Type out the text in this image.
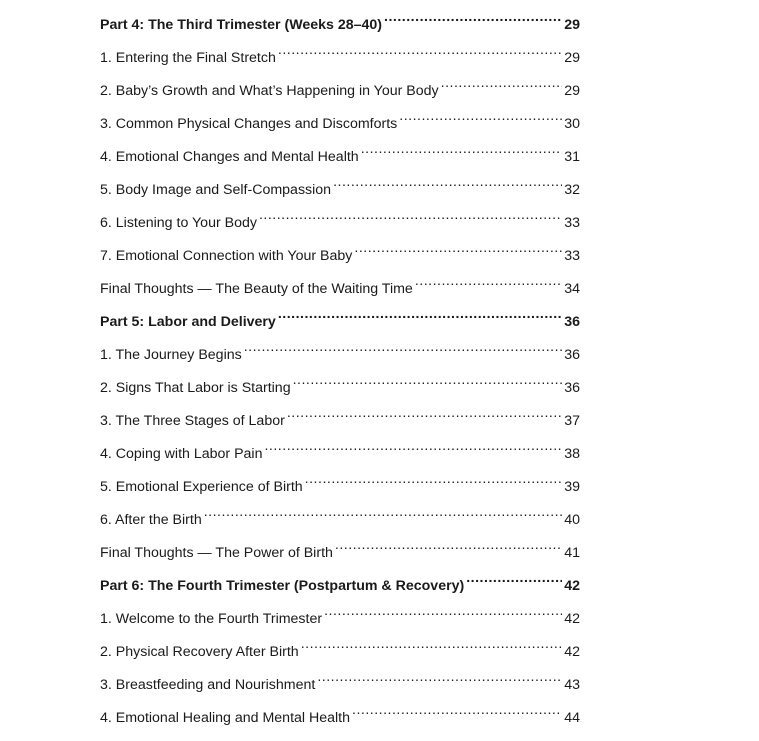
Part 4: The Third Trimester (Weeks 28–40) .....	29
1. Entering the Final Stretch .....	29
2. Baby’s Growth and What’s Happening in Your Body .....	29
3. Common Physical Changes and Discomforts .....	30
4. Emotional Changes and Mental Health .....	31
5. Body Image and Self-Compassion .....	32
6. Listening to Your Body .....	33
7. Emotional Connection with Your Baby .....	33
Final Thoughts — The Beauty of the Waiting Time .....	34
Part 5: Labor and Delivery .....	36
1. The Journey Begins .....	36
2. Signs That Labor is Starting .....	36
3. The Three Stages of Labor .....	37
4. Coping with Labor Pain .....	38
5. Emotional Experience of Birth .....	39
6. After the Birth .....	40
Final Thoughts — The Power of Birth .....	41
Part 6: The Fourth Trimester (Postpartum & Recovery) .....	42
1. Welcome to the Fourth Trimester .....	42
2. Physical Recovery After Birth .....	42
3. Breastfeeding and Nourishment .....	43
4. Emotional Healing and Mental Health .....	44
